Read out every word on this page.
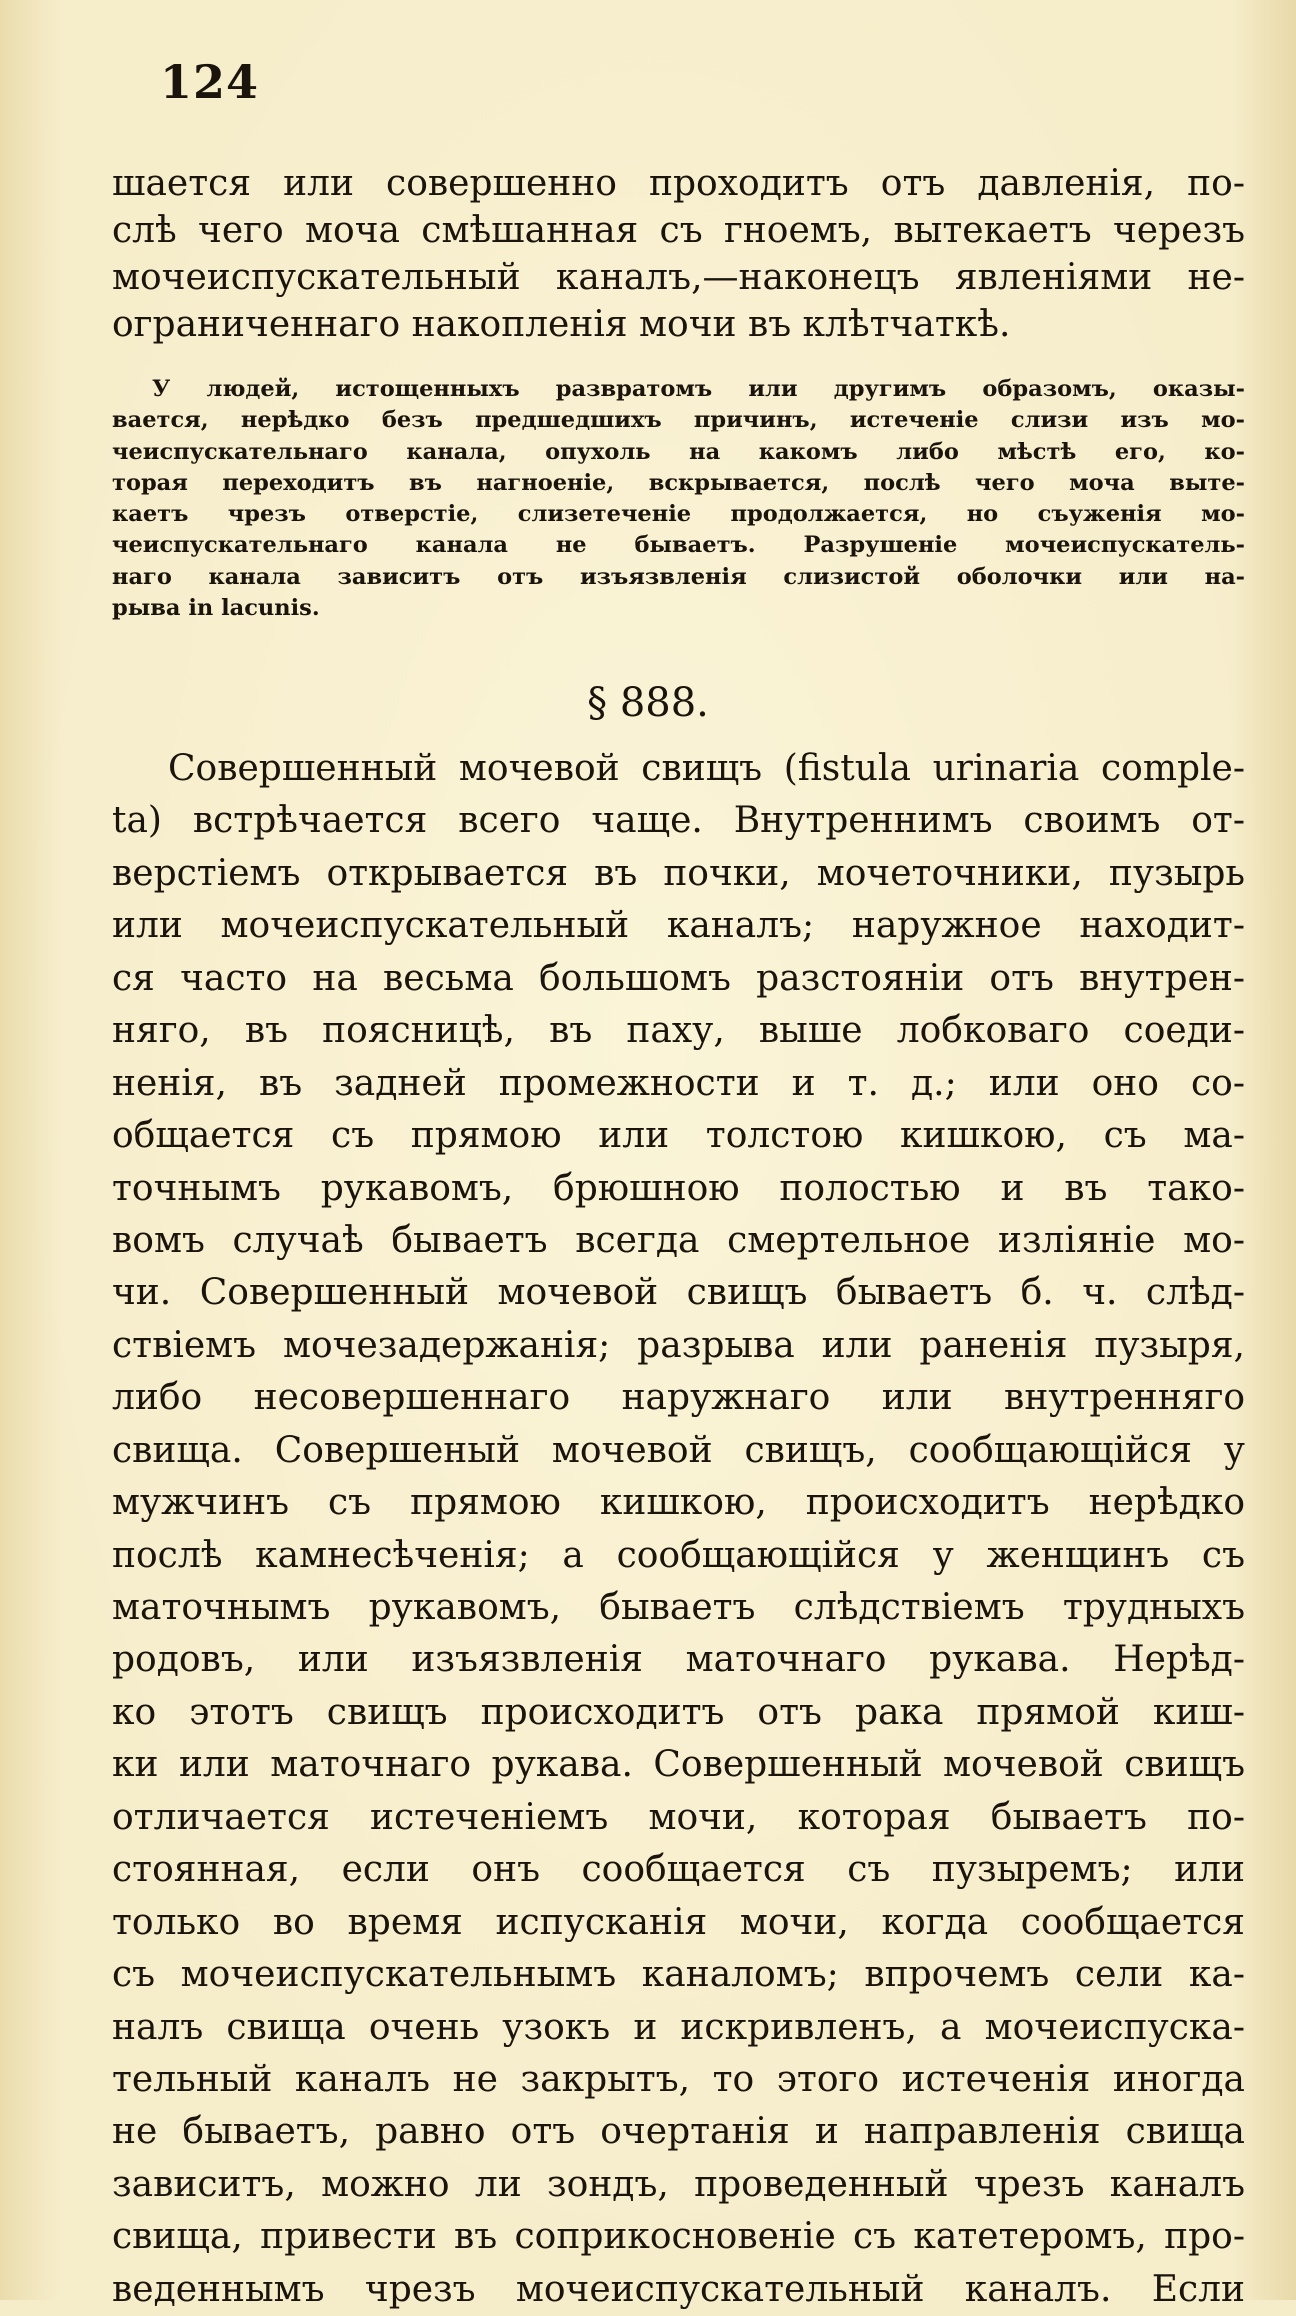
124
шается или совершенно проходитъ отъ давленія, по-
слѣ чего моча смѣшанная съ гноемъ, вытекаетъ черезъ
мочеиспускательный каналъ,—наконецъ явленіями не-
ограниченнаго накопленія мочи въ клѣтчаткѣ.
У людей, истощенныхъ развратомъ или другимъ образомъ, оказы-
вается, нерѣдко безъ предшедшихъ причинъ, истеченіе слизи изъ мо-
чеиспускательнаго канала, опухоль на какомъ либо мѣстѣ его, ко-
торая переходитъ въ нагноеніе, вскрывается, послѣ чего моча выте-
каетъ чрезъ отверстіе, слизетеченіе продолжается, но съуженія мо-
чеиспускательнаго канала не бываетъ. Разрушеніе мочеиспускатель-
наго канала зависитъ отъ изъязвленія слизистой оболочки или на-
рыва in lacunis.
§ 888.
Совершенный мочевой свищъ (fistula urinaria comple-
ta) встрѣчается всего чаще. Внутреннимъ своимъ от-
верстіемъ открывается въ почки, мочеточники, пузырь
или мочеиспускательный каналъ; наружное находит-
ся часто на весьма большомъ разстояніи отъ внутрен-
няго, въ поясницѣ, въ паху, выше лобковаго соеди-
ненія, въ задней промежности и т. д.; или оно со-
общается съ прямою или толстою кишкою, съ ма-
точнымъ рукавомъ, брюшною полостью и въ тако-
вомъ случаѣ бываетъ всегда смертельное изліяніе мо-
чи. Совершенный мочевой свищъ бываетъ б. ч. слѣд-
ствіемъ мочезадержанія; разрыва или раненія пузыря,
либо несовершеннаго наружнаго или внутренняго
свища. Совершеный мочевой свищъ, сообщающійся у
мужчинъ съ прямою кишкою, происходитъ нерѣдко
послѣ камнесѣченія; а сообщающійся у женщинъ съ
маточнымъ рукавомъ, бываетъ слѣдствіемъ трудныхъ
родовъ, или изъязвленія маточнаго рукава. Нерѣд-
ко этотъ свищъ происходитъ отъ рака прямой киш-
ки или маточнаго рукава. Совершенный мочевой свищъ
отличается истеченіемъ мочи, которая бываетъ по-
стоянная, если онъ сообщается съ пузыремъ; или
только во время испусканія мочи, когда сообщается
съ мочеиспускательнымъ каналомъ; впрочемъ сели ка-
налъ свища очень узокъ и искривленъ, а мочеиспуска-
тельный каналъ не закрытъ, то этого истеченія иногда
не бываетъ, равно отъ очертанія и направленія свища
зависитъ, можно ли зондъ, проведенный чрезъ каналъ
свища, привести въ соприкосновеніе съ катетеромъ, про-
веденнымъ чрезъ мочеиспускательный каналъ. Если
